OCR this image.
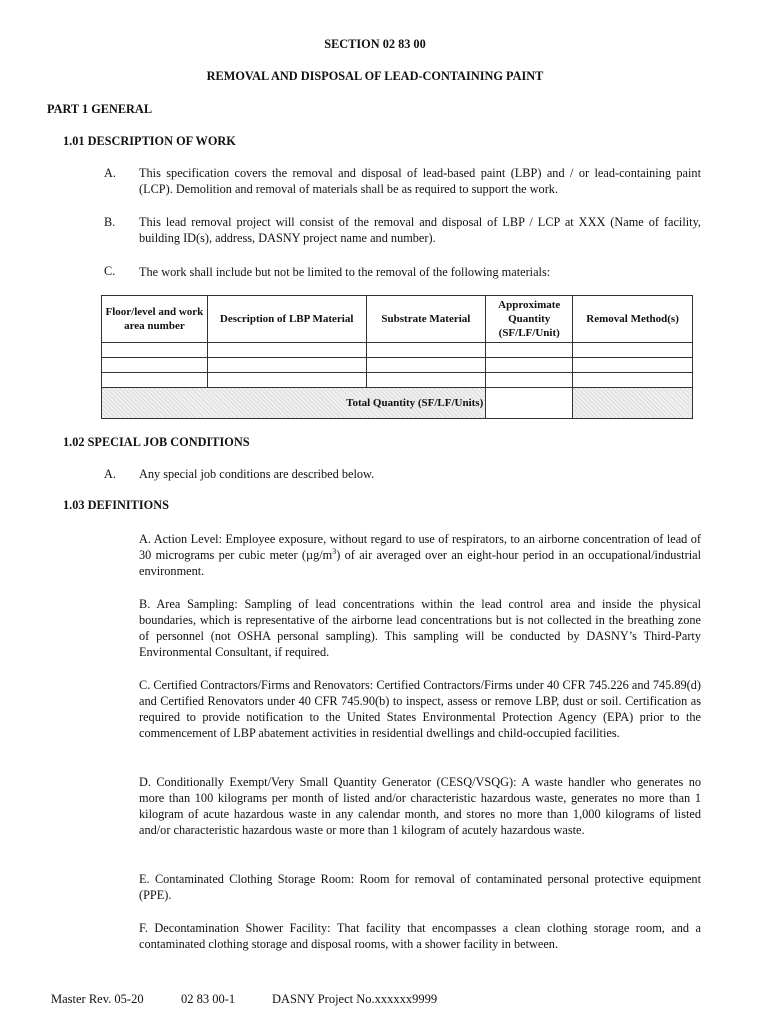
SECTION 02 83 00
REMOVAL AND DISPOSAL OF LEAD-CONTAINING PAINT
PART 1 GENERAL
1.01 DESCRIPTION OF WORK
A. This specification covers the removal and disposal of lead-based paint (LBP) and / or lead-containing paint (LCP). Demolition and removal of materials shall be as required to support the work.
B. This lead removal project will consist of the removal and disposal of LBP / LCP at XXX (Name of facility, building ID(s), address, DASNY project name and number).
C. The work shall include but not be limited to the removal of the following materials:
Floor/level and work area number	Description of LBP Material	Substrate Material	Approximate Quantity (SF/LF/Unit)	Removal Method(s)

Total Quantity (SF/LF/Units)				
1.02 SPECIAL JOB CONDITIONS
A. Any special job conditions are described below.
1.03 DEFINITIONS
A. Action Level: Employee exposure, without regard to use of respirators, to an airborne concentration of lead of 30 micrograms per cubic meter $(\mu g/m^3)$ of air averaged over an eight-hour period in an occupational/industrial environment.
B. Area Sampling: Sampling of lead concentrations within the lead control area and inside the physical boundaries, which is representative of the airborne lead concentrations but is not collected in the breathing zone of personnel (not OSHA personal sampling). This sampling will be conducted by DASNY’s Third-Party Environmental Consultant, if required.
C. Certified Contractors/Firms and Renovators: Certified Contractors/Firms under 40 CFR 745.226 and 745.89(d) and Certified Renovators under 40 CFR 745.90(b) to inspect, assess or remove LBP, dust or soil. Certification as required to provide notification to the United States Environmental Protection Agency (EPA) prior to the commencement of LBP abatement activities in residential dwellings and child-occupied facilities.
D. Conditionally Exempt/Very Small Quantity Generator (CESQ/VSQG): A waste handler who generates no more than 100 kilograms per month of listed and/or characteristic hazardous waste, generates no more than 1 kilogram of acute hazardous waste in any calendar month, and stores no more than 1,000 kilograms of listed and/or characteristic hazardous waste or more than 1 kilogram of acutely hazardous waste.
E. Contaminated Clothing Storage Room: Room for removal of contaminated personal protective equipment (PPE).
F. Decontamination Shower Facility: That facility that encompasses a clean clothing storage room, and a contaminated clothing storage and disposal rooms, with a shower facility in between.
Master Rev. 05-20	02 83 00-1	DASNY Project No.xxxxxx9999
